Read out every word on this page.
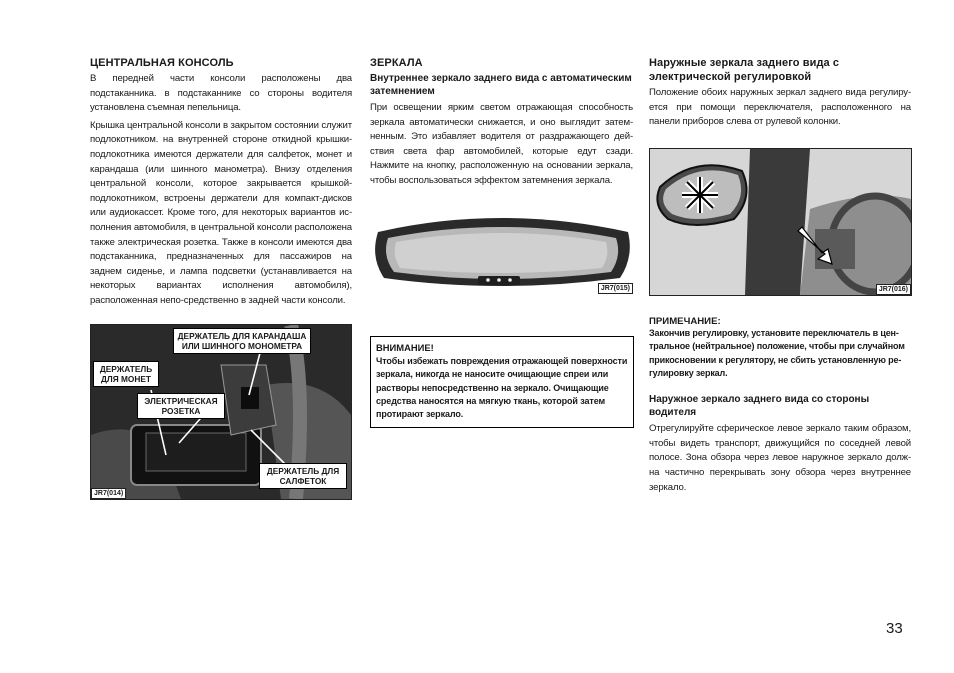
ЦЕНТРАЛЬНАЯ КОНСОЛЬ

В передней части консоли расположены два подстаканника. в подстаканнике со стороны водителя установлена съемная пепельница.

Крышка центральной консоли в закрытом состоянии служит подлокотником. на внутренней стороне откидной крышки-подлокотника имеются держатели для салфеток, монет и карандаша (или шинного манометра). Внизу отделения центральной консоли, которое закрывается крышкой-подлокотником, встроены держатели для компакт-дисков или аудиокассет. Кроме того, для некоторых вариантов ис-полнения автомобиля, в центральной консоли расположена также электрическая розетка. Также в консоли имеются два подстаканника, предназначенных для пассажиров на заднем сиденье, и лампа подсветки (устанавливается на некоторых вариантах исполнения автомобиля), расположенная непо-средственно в задней части консоли.

ДЕРЖАТЕЛЬ ДЛЯ КАРАНДАША ИЛИ ШИННОГО МОНОМЕТРА
ДЕРЖАТЕЛЬ ДЛЯ МОНЕТ
ЭЛЕКТРИЧЕСКАЯ РОЗЕТКА
ДЕРЖАТЕЛЬ ДЛЯ САЛФЕТОК
JR7(014)
ЗЕРКАЛА
Внутреннее зеркало заднего вида с автоматическим затемнением

При освещении ярким светом отражающая способность зеркала автоматически снижается, и оно выглядит затем-ненным. Это избавляет водителя от раздражающего дей-ствия света фар автомобилей, которые едут сзади. Нажмите на кнопку, расположенную на основании зеркала, чтобы воспользоваться эффектом затемнения зеркала.

JR7(015)
ВНИМАНИЕ!
Чтобы избежать повреждения отражающей поверхности зеркала, никогда не наносите очищающие спреи или растворы непосредственно на зеркало. Очищающие средства наносятся на мягкую ткань, которой затем протирают зеркало.
Наружные зеркала заднего вида с электрической регулировкой

Положение обоих наружных зеркал заднего вида регулиру-ется при помощи переключателя, расположенного на панели приборов слева от рулевой колонки.

JR7(016)

ПРИМЕЧАНИЕ:

Закончив регулировку, установите переключатель в цен-тральное (нейтральное) положение, чтобы при случайном прикосновении к регулятору, не сбить установленную ре-гулировку зеркал.

Наружное зеркало заднего вида со стороны водителя

Отрегулируйте сферическое левое зеркало таким образом, чтобы видеть транспорт, движущийся по соседней левой полосе. Зона обзора через левое наружное зеркало долж-на частично перекрывать зону обзора через внутреннее зеркало.

33
